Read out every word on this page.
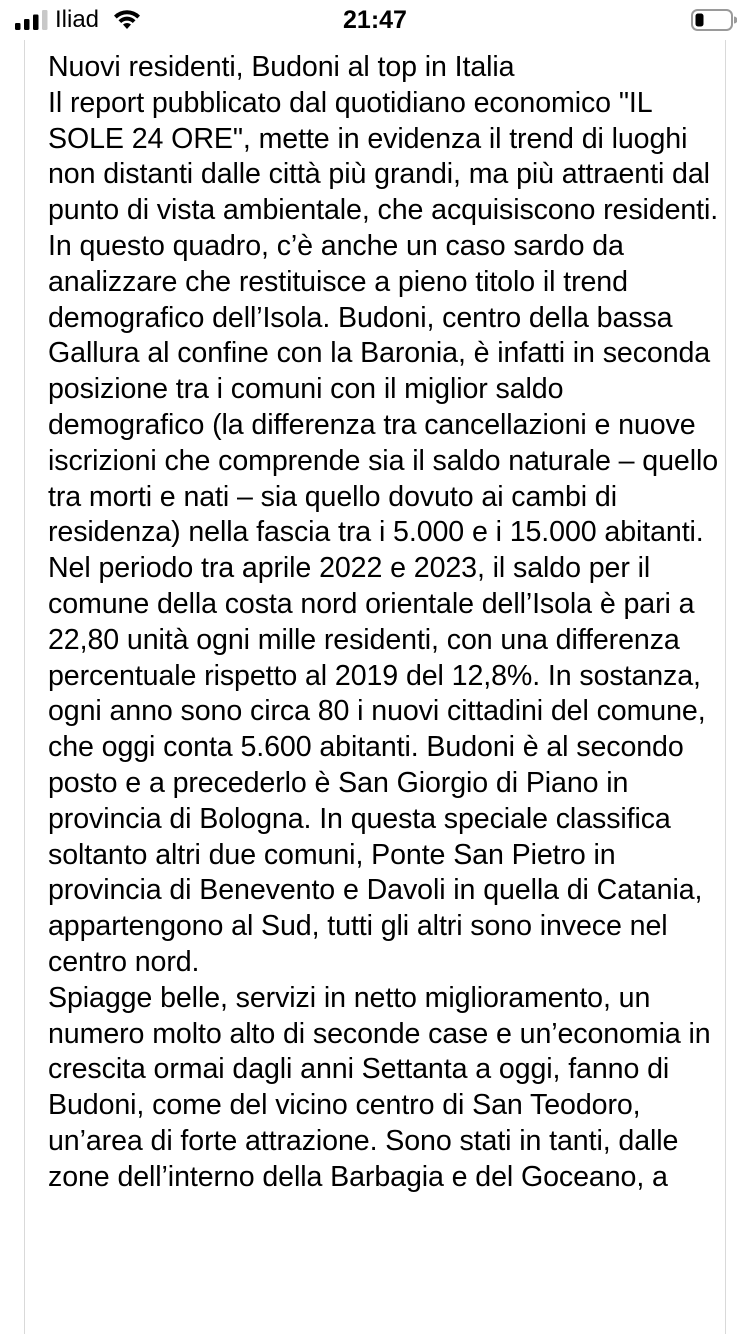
Iliad	21:47

Nuovi residenti, Budoni al top in Italia

Il report pubblicato dal quotidiano economico "IL SOLE 24 ORE", mette in evidenza il trend di luoghi non distanti dalle città più grandi, ma più attraenti dal punto di vista ambientale, che acquisiscono residenti.

In questo quadro, c’è anche un caso sardo da analizzare che restituisce a pieno titolo il trend demografico dell’Isola. Budoni, centro della bassa Gallura al confine con la Baronia, è infatti in seconda posizione tra i comuni con il miglior saldo demografico (la differenza tra cancellazioni e nuove iscrizioni che comprende sia il saldo naturale – quello tra morti e nati – sia quello dovuto ai cambi di residenza) nella fascia tra i 5.000 e i 15.000 abitanti. Nel periodo tra aprile 2022 e 2023, il saldo per il comune della costa nord orientale dell’Isola è pari a 22,80 unità ogni mille residenti, con una differenza percentuale rispetto al 2019 del 12,8%. In sostanza, ogni anno sono circa 80 i nuovi cittadini del comune, che oggi conta 5.600 abitanti. Budoni è al secondo posto e a precederlo è San Giorgio di Piano in provincia di Bologna. In questa speciale classifica soltanto altri due comuni, Ponte San Pietro in provincia di Benevento e Davoli in quella di Catania, appartengono al Sud, tutti gli altri sono invece nel centro nord.

Spiagge belle, servizi in netto miglioramento, un numero molto alto di seconde case e un’economia in crescita ormai dagli anni Settanta a oggi, fanno di Budoni, come del vicino centro di San Teodoro, un’area di forte attrazione. Sono stati in tanti, dalle zone dell’interno della Barbagia e del Goceano, a
